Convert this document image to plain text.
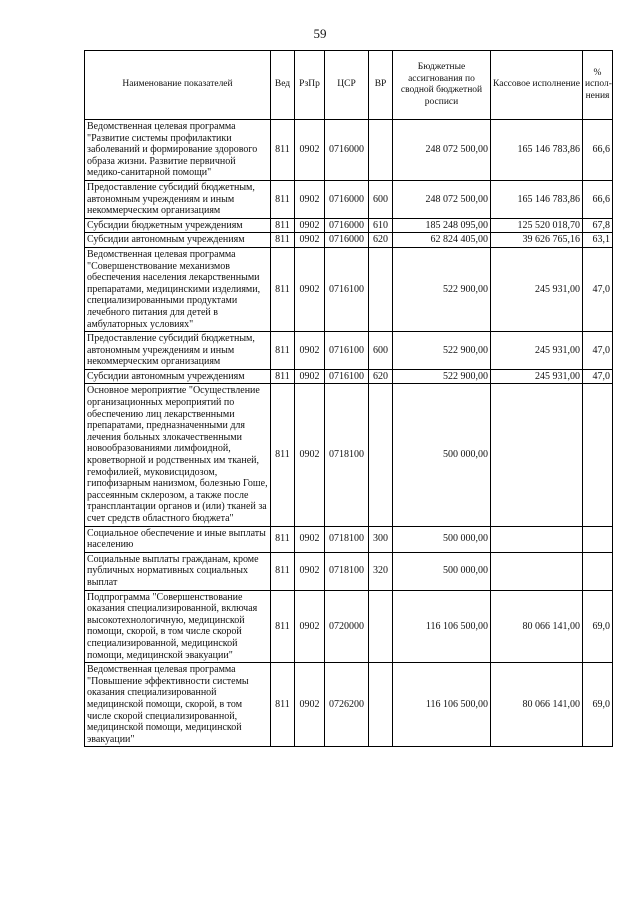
59
Наименование показателей	Вед	РзПр	ЦСР	ВР	Бюджетные ассигнования по сводной бюджетной росписи	Кассовое исполнение	% испол-нения
Ведомственная целевая программа "Развитие системы профилактики заболеваний и формирование здорового образа жизни. Развитие первичной медико-санитарной помощи"	811	0902	0716000		248 072 500,00	165 146 783,86	66,6
Предоставление субсидий бюджетным, автономным учреждениям и иным некоммерческим организациям	811	0902	0716000	600	248 072 500,00	165 146 783,86	66,6
Субсидии бюджетным учреждениям	811	0902	0716000	610	185 248 095,00	125 520 018,70	67,8
Субсидии автономным учреждениям	811	0902	0716000	620	62 824 405,00	39 626 765,16	63,1
Ведомственная целевая программа "Совершенствование механизмов обеспечения населения лекарственными препаратами, медицинскими изделиями, специализированными продуктами лечебного питания для детей в амбулаторных условиях"	811	0902	0716100		522 900,00	245 931,00	47,0
Предоставление субсидий бюджетным, автономным учреждениям и иным некоммерческим организациям	811	0902	0716100	600	522 900,00	245 931,00	47,0
Субсидии автономным учреждениям	811	0902	0716100	620	522 900,00	245 931,00	47,0
Основное мероприятие "Осуществление организационных мероприятий по обеспечению лиц лекарственными препаратами, предназначенными для лечения больных злокачественными новообразованиями лимфоидной, кроветворной и родственных им тканей, гемофилией, муковисцидозом, гипофизарным нанизмом, болезнью Гоше, рассеянным склерозом, а также после трансплантации органов и (или) тканей за счет средств областного бюджета"	811	0902	0718100		500 000,00		
Социальное обеспечение и иные выплаты населению	811	0902	0718100	300	500 000,00		
Социальные выплаты гражданам, кроме публичных нормативных социальных выплат	811	0902	0718100	320	500 000,00		
Подпрограмма "Совершенствование оказания специализированной, включая высокотехнологичную, медицинской помощи, скорой, в том числе скорой специализированной, медицинской помощи, медицинской эвакуации"	811	0902	0720000		116 106 500,00	80 066 141,00	69,0
Ведомственная целевая программа "Повышение эффективности системы оказания специализированной медицинской помощи, скорой, в том числе скорой специализированной, медицинской помощи, медицинской эвакуации"	811	0902	0726200		116 106 500,00	80 066 141,00	69,0
